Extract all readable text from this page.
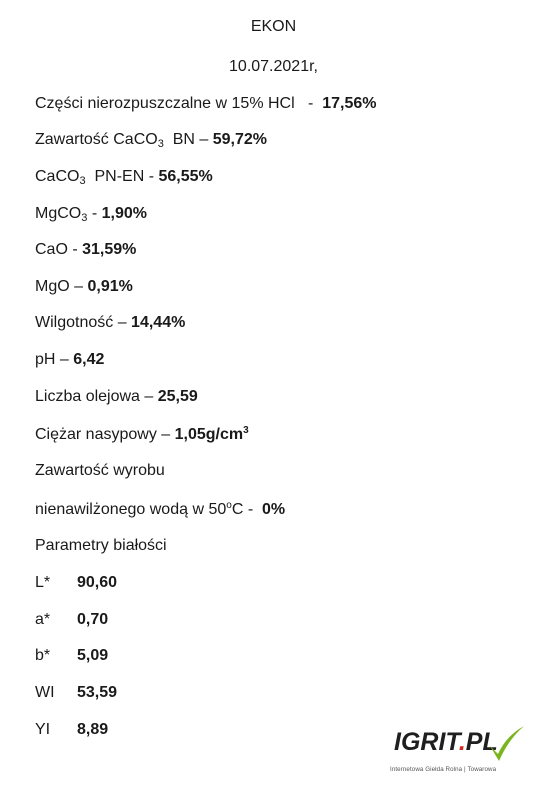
EKON
10.07.2021r,
Części nierozpuszczalne w 15% HCl - 17,56%
Zawartość CaCO$_3$ BN – 59,72%
CaCO$_3$ PN-EN - 56,55%
MgCO$_3$ - 1,90%
CaO - 31,59%
MgO – 0,91%
Wilgotność – 14,44%
pH – 6,42
Liczba olejowa – 25,59
Ciężar nasypowy – $1,05g/cm^3$
Zawartość wyrobu
nienawilżonego wodą w 50$^o$C - 0%
Parametry białości
L* 90,60
a* 0,70
b* 5,09
WI 53,59
YI 8,89	IGRIT.PL
Internetowa Giełda Rolna | Towarowa
